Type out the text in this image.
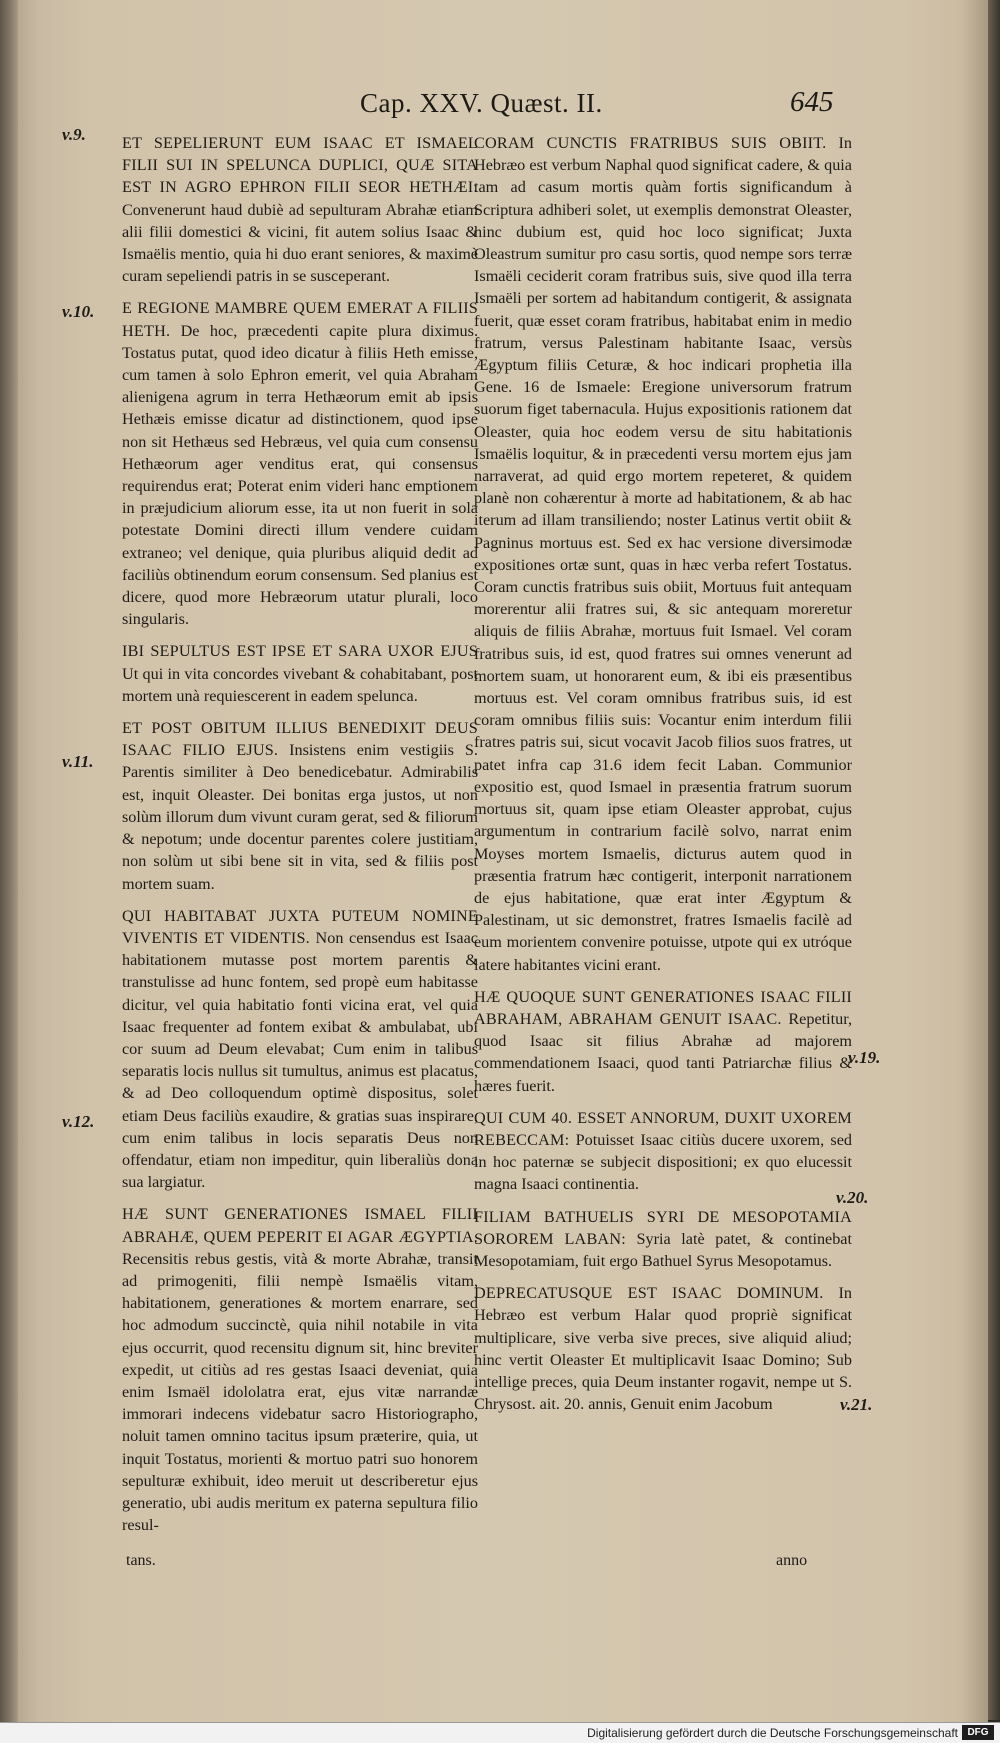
Cap. XXV. Quæst. II.	645
v.9.
v.10.
v.11.
v.12.
v.19.
v.20.
v.21.

ET SEPELIERUNT EUM ISAAC ET ISMAEL FILII SUI IN SPELUNCA DUPLICI, QUÆ SITA EST IN AGRO EPHRON FILII SEOR HETHÆI: Convenerunt haud dubiè ad sepulturam Abrahæ etiam alii filii domestici & vicini, fit autem solius Isaac & Ismaëlis mentio, quia hi duo erant seniores, & maximè curam sepeliendi patris in se susceperant.

E REGIONE MAMBRE QUEM EMERAT A FILIIS HETH. De hoc, præcedenti capite plura diximus. Tostatus putat, quod ideo dicatur à filiis Heth emisse, cum tamen à solo Ephron emerit, vel quia Abraham alienigena agrum in terra Hethæorum emit ab ipsis Hethæis emisse dicatur ad distinctionem, quod ipse non sit Hethæus sed Hebræus, vel quia cum consensu Hethæorum ager venditus erat, qui consensus requirendus erat; Poterat enim videri hanc emptionem in præjudicium aliorum esse, ita ut non fuerit in sola potestate Domini directi illum vendere cuidam extraneo; vel denique, quia pluribus aliquid dedit ad faciliùs obtinendum eorum consensum. Sed planius est dicere, quod more Hebræorum utatur plurali, loco singularis.

IBI SEPULTUS EST IPSE ET SARA UXOR EJUS Ut qui in vita concordes vivebant & cohabitabant, post mortem unà requiescerent in eadem spelunca.

ET POST OBITUM ILLIUS BENEDIXIT DEUS ISAAC FILIO EJUS. Insistens enim vestigiis S. Parentis similiter à Deo benedicebatur. Admirabilis est, inquit Oleaster. Dei bonitas erga justos, ut non solùm illorum dum vivunt curam gerat, sed & filiorum & nepotum; unde docentur parentes colere justitiam, non solùm ut sibi bene sit in vita, sed & filiis post mortem suam.

QUI HABITABAT JUXTA PUTEUM NOMINE VIVENTIS ET VIDENTIS. Non censendus est Isaac habitationem mutasse post mortem parentis & transtulisse ad hunc fontem, sed propè eum habitasse dicitur, vel quia habitatio fonti vicina erat, vel quia Isaac frequenter ad fontem exibat & ambulabat, ubi cor suum ad Deum elevabat; Cum enim in talibus separatis locis nullus sit tumultus, animus est placatus, & ad Deo colloquendum optimè dispositus, solet etiam Deus faciliùs exaudire, & gratias suas inspirare, cum enim talibus in locis separatis Deus non offendatur, etiam non impeditur, quin liberaliùs dona sua largiatur.

HÆ SUNT GENERATIONES ISMAEL FILII ABRAHÆ, QUEM PEPERIT EI AGAR ÆGYPTIA. Recensitis rebus gestis, vità & morte Abrahæ, transit ad primogeniti, filii nempè Ismaëlis vitam, habitationem, generationes & mortem enarrare, sed hoc admodum succinctè, quia nihil notabile in vita ejus occurrit, quod recensitu dignum sit, hinc breviter expedit, ut citiùs ad res gestas Isaaci deveniat, quia enim Ismaël idololatra erat, ejus vitæ narrandæ immorari indecens videbatur sacro Historiographo, noluit tamen omnino tacitus ipsum præterire, quia, ut inquit Tostatus, morienti & mortuo patri suo honorem sepulturæ exhibuit, ideo meruit ut describeretur ejus generatio, ubi audis meritum ex paterna sepultura filio resul-

CORAM CUNCTIS FRATRIBUS SUIS OBIIT. In Hebræo est verbum Naphal quod significat cadere, & quia tam ad casum mortis quàm fortis significandum à Scriptura adhiberi solet, ut exemplis demonstrat Oleaster, hinc dubium est, quid hoc loco significat; Juxta Oleastrum sumitur pro casu sortis, quod nempe sors terræ Ismaëli ceciderit coram fratribus suis, sive quod illa terra Ismaëli per sortem ad habitandum contigerit, & assignata fuerit, quæ esset coram fratribus, habitabat enim in medio fratrum, versus Palestinam habitante Isaac, versùs Ægyptum filiis Ceturæ, & hoc indicari prophetia illa Gene. 16 de Ismaele: Eregione universorum fratrum suorum figet tabernacula. Hujus expositionis rationem dat Oleaster, quia hoc eodem versu de situ habitationis Ismaëlis loquitur, & in præcedenti versu mortem ejus jam narraverat, ad quid ergo mortem repeteret, & quidem planè non cohærentur à morte ad habitationem, & ab hac iterum ad illam transiliendo; noster Latinus vertit obiit & Pagninus mortuus est. Sed ex hac versione diversimodæ expositiones ortæ sunt, quas in hæc verba refert Tostatus. Coram cunctis fratribus suis obiit, Mortuus fuit antequam morerentur alii fratres sui, & sic antequam moreretur aliquis de filiis Abrahæ, mortuus fuit Ismael. Vel coram fratribus suis, id est, quod fratres sui omnes venerunt ad mortem suam, ut honorarent eum, & ibi eis præsentibus mortuus est. Vel coram omnibus fratribus suis, id est coram omnibus filiis suis: Vocantur enim interdum filii fratres patris sui, sicut vocavit Jacob filios suos fratres, ut patet infra cap 31.6 idem fecit Laban. Communior expositio est, quod Ismael in præsentia fratrum suorum mortuus sit, quam ipse etiam Oleaster approbat, cujus argumentum in contrarium facilè solvo, narrat enim Moyses mortem Ismaelis, dicturus autem quod in præsentia fratrum hæc contigerit, interponit narrationem de ejus habitatione, quæ erat inter Ægyptum & Palestinam, ut sic demonstret, fratres Ismaelis facilè ad eum morientem convenire potuisse, utpote qui ex utróque latere habitantes vicini erant.

HÆ QUOQUE SUNT GENERATIONES ISAAC FILII ABRAHAM, ABRAHAM GENUIT ISAAC. Repetitur, quod Isaac sit filius Abrahæ ad majorem commendationem Isaaci, quod tanti Patriarchæ filius & hæres fuerit.

QUI CUM 40. ESSET ANNORUM, DUXIT UXOREM REBECCAM: Potuisset Isaac citiùs ducere uxorem, sed in hoc paternæ se subjecit dispositioni; ex quo elucessit magna Isaaci continentia.

FILIAM BATHUELIS SYRI DE MESOPOTAMIA SOROREM LABAN: Syria latè patet, & continebat Mesopotamiam, fuit ergo Bathuel Syrus Mesopotamus.

DEPRECATUSQUE EST ISAAC DOMINUM. In Hebræo est verbum Halar quod propriè significat multiplicare, sive verba sive preces, sive aliquid aliud; hinc vertit Oleaster Et multiplicavit Isaac Domino; Sub intellige preces, quia Deum instanter rogavit, nempe ut S. Chrysost. ait. 20. annis, Genuit enim Jacobum

tans.	anno
Digitalisierung gefördert durch die Deutsche Forschungsgemeinschaft DFG
